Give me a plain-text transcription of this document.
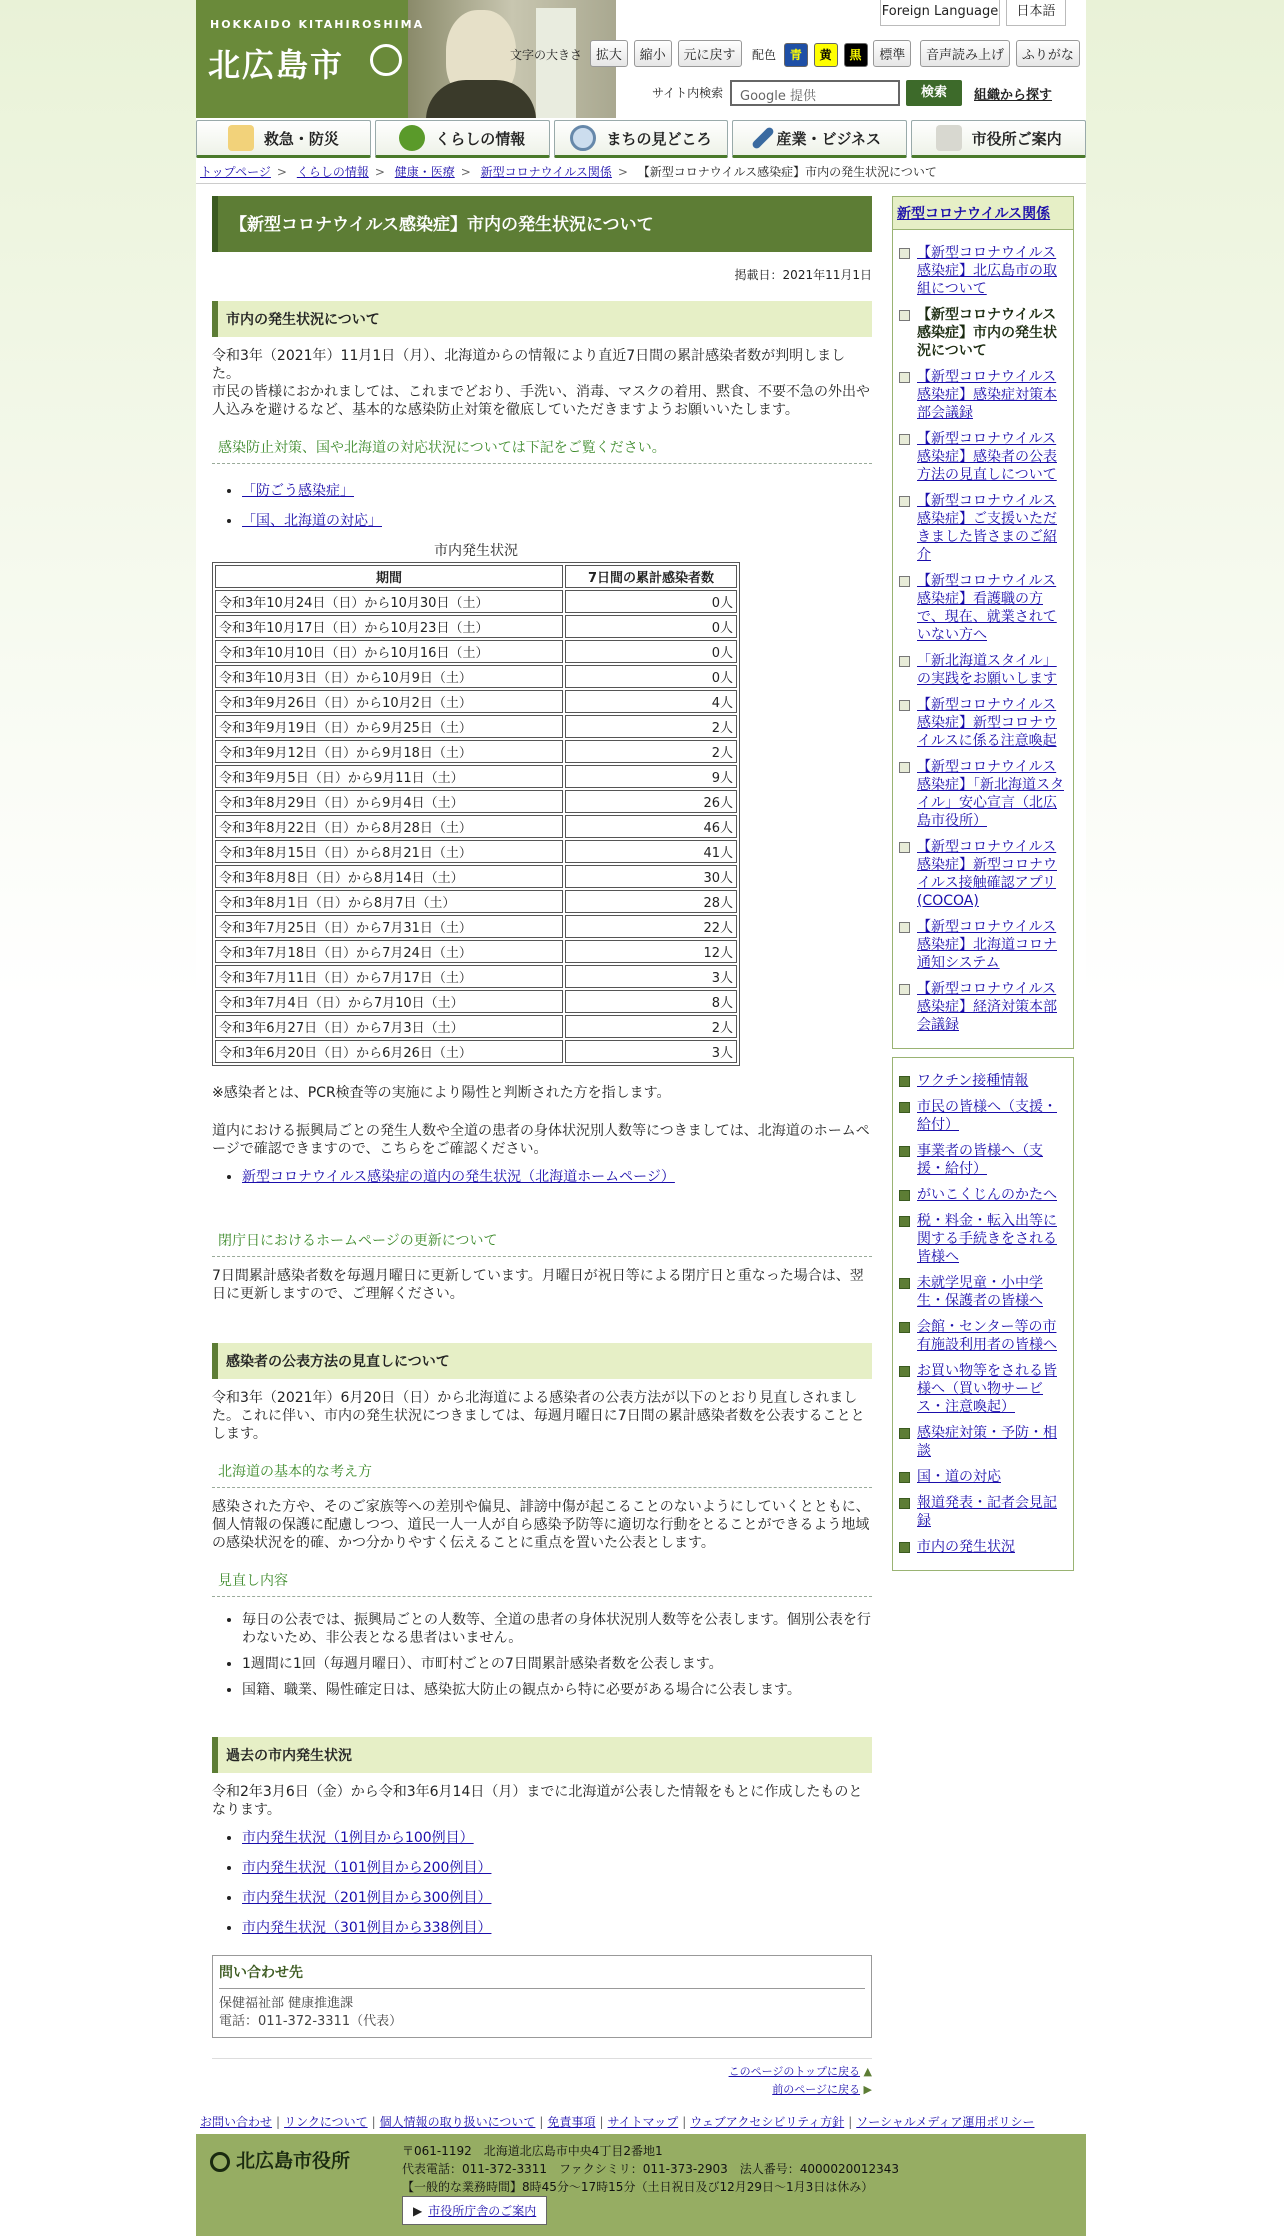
HOKKAIDO KITAHIROSHIMA
北広島市
Foreign Language	日本語
文字の大きさ 拡大 縮小 元に戻す	配色 青 黄 黒 標準	音声読み上げ ふりがな
サイト内検索	Google 提供	検索	組織から探す
救急・防災	くらしの情報	まちの見どころ	産業・ビジネス	市役所ご案内
トップページ > くらしの情報 > 健康・医療 > 新型コロナウイルス関係 > 【新型コロナウイルス感染症】市内の発生状況について
【新型コロナウイルス感染症】市内の発生状況について
掲載日：2021年11月1日
市内の発生状況について

令和3年（2021年）11月1日（月）、北海道からの情報により直近7日間の累計感染者数が判明しました。
市民の皆様におかれましては、これまでどおり、手洗い、消毒、マスクの着用、黙食、不要不急の外出や人込みを避けるなど、基本的な感染防止対策を徹底していただきますようお願いいたします。

感染防止対策、国や北海道の対応状況については下記をご覧ください。
• 「防ごう感染症」
• 「国、北海道の対応」
市内発生状況
期間	7日間の累計感染者数
令和3年10月24日（日）から10月30日（土）	0人
令和3年10月17日（日）から10月23日（土）	0人
令和3年10月10日（日）から10月16日（土）	0人
令和3年10月3日（日）から10月9日（土）	0人
令和3年9月26日（日）から10月2日（土）	4人
令和3年9月19日（日）から9月25日（土）	2人
令和3年9月12日（日）から9月18日（土）	2人
令和3年9月5日（日）から9月11日（土）	9人
令和3年8月29日（日）から9月4日（土）	26人
令和3年8月22日（日）から8月28日（土）	46人
令和3年8月15日（日）から8月21日（土）	41人
令和3年8月8日（日）から8月14日（土）	30人
令和3年8月1日（日）から8月7日（土）	28人
令和3年7月25日（日）から7月31日（土）	22人
令和3年7月18日（日）から7月24日（土）	12人
令和3年7月11日（日）から7月17日（土）	3人
令和3年7月4日（日）から7月10日（土）	8人
令和3年6月27日（日）から7月3日（土）	2人
令和3年6月20日（日）から6月26日（土）	3人

※感染者とは、PCR検査等の実施により陽性と判断された方を指します。

道内における振興局ごとの発生人数や全道の患者の身体状況別人数等につきましては、北海道のホームページで確認できますので、こちらをご確認ください。

• 新型コロナウイルス感染症の道内の発生状況（北海道ホームページ）
閉庁日におけるホームページの更新について

7日間累計感染者数を毎週月曜日に更新しています。月曜日が祝日等による閉庁日と重なった場合は、翌日に更新しますので、ご理解ください。

感染者の公表方法の見直しについて

令和3年（2021年）6月20日（日）から北海道による感染者の公表方法が以下のとおり見直しされました。これに伴い、市内の発生状況につきましては、毎週月曜日に7日間の累計感染者数を公表することとします。

北海道の基本的な考え方

感染された方や、そのご家族等への差別や偏見、誹謗中傷が起こることのないようにしていくとともに、個人情報の保護に配慮しつつ、道民一人一人が自ら感染予防等に適切な行動をとることができるよう地域の感染状況を的確、かつ分かりやすく伝えることに重点を置いた公表とします。

見直し内容
• 毎日の公表では、振興局ごとの人数等、全道の患者の身体状況別人数等を公表します。個別公表を行わないため、非公表となる患者はいません。
• 1週間に1回（毎週月曜日）、市町村ごとの7日間累計感染者数を公表します。
• 国籍、職業、陽性確定日は、感染拡大防止の観点から特に必要がある場合に公表します。
過去の市内発生状況

令和2年3月6日（金）から令和3年6月14日（月）までに北海道が公表した情報をもとに作成したものとなります。

• 市内発生状況（1例目から100例目）
• 市内発生状況（101例目から200例目）
• 市内発生状況（201例目から300例目）
• 市内発生状況（301例目から338例目）
問い合わせ先

保健福祉部 健康推進課
電話：011-372-3311（代表）

このページのトップに戻る ▲
前のページに戻る ▶
新型コロナウイルス関係
【新型コロナウイルス感染症】北広島市の取組について
【新型コロナウイルス感染症】市内の発生状況について
【新型コロナウイルス感染症】感染症対策本部会議録
【新型コロナウイルス感染症】感染者の公表方法の見直しについて
【新型コロナウイルス感染症】ご支援いただきました皆さまのご紹介
【新型コロナウイルス感染症】看護職の方で、現在、就業されていない方へ
「新北海道スタイル」の実践をお願いします
【新型コロナウイルス感染症】新型コロナウイルスに係る注意喚起
【新型コロナウイルス感染症】「新北海道スタイル」安心宣言（北広島市役所）
【新型コロナウイルス感染症】新型コロナウイルス接触確認アプリ(COCOA)
【新型コロナウイルス感染症】北海道コロナ通知システム
【新型コロナウイルス感染症】経済対策本部会議録
ワクチン接種情報
市民の皆様へ（支援・給付）
事業者の皆様へ（支援・給付）
がいこくじんのかたへ
税・料金・転入出等に関する手続きをされる皆様へ
未就学児童・小中学生・保護者の皆様へ
会館・センター等の市有施設利用者の皆様へ
お買い物等をされる皆様へ（買い物サービス・注意喚起）
感染症対策・予防・相談
国・道の対応
報道発表・記者会見記録
市内の発生状況
お問い合わせ | リンクについて | 個人情報の取り扱いについて | 免責事項 | サイトマップ | ウェブアクセシビリティ方針 | ソーシャルメディア運用ポリシー
北広島市役所	〒061-1192　北海道北広島市中央4丁目2番地1
代表電話：011-372-3311　ファクシミリ：011-373-2903　法人番号：4000020012343
【一般的な業務時間】8時45分～17時15分（土日祝日及び12月29日～1月3日は休み）
▶ 市役所庁舎のご案内
